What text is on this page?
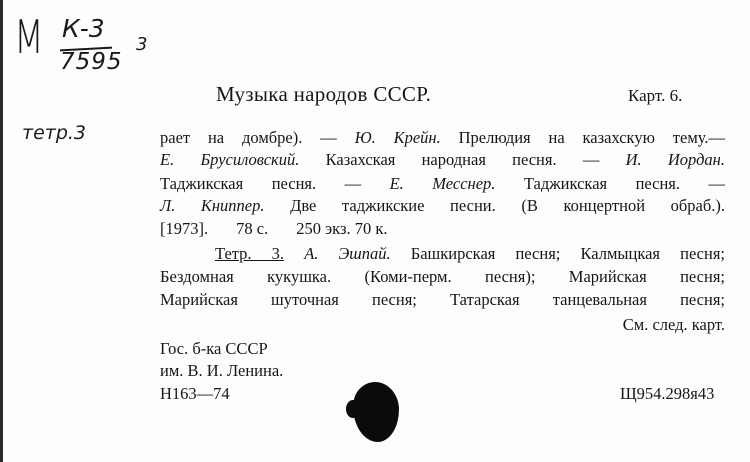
М К-3
7595
3
тетр.3
Карт. 6.
Музыка народов СССР.
рает на домбре). — Ю. Крейн. Прелюдия на казахскую тему.—
Е. Брусиловский. Казахская народная песня. — И. Иордан.
Таджикская песня. — Е. Месснер. Таджикская песня. —
Л. Книппер. Две таджикские песни. (В концертной обраб.).
[1973]. 78 с. 250 экз. 70 к.
Тетр. 3. А. Эшпай. Башкирская песня; Калмыцкая песня;
Бездомная кукушка. (Коми-перм. песня); Марийская песня;
Марийская шуточная песня; Татарская танцевальная песня;
См. след. карт.
Гос. б-ка СССР
им. В. И. Ленина.
Н163—74	Щ954.298я43
